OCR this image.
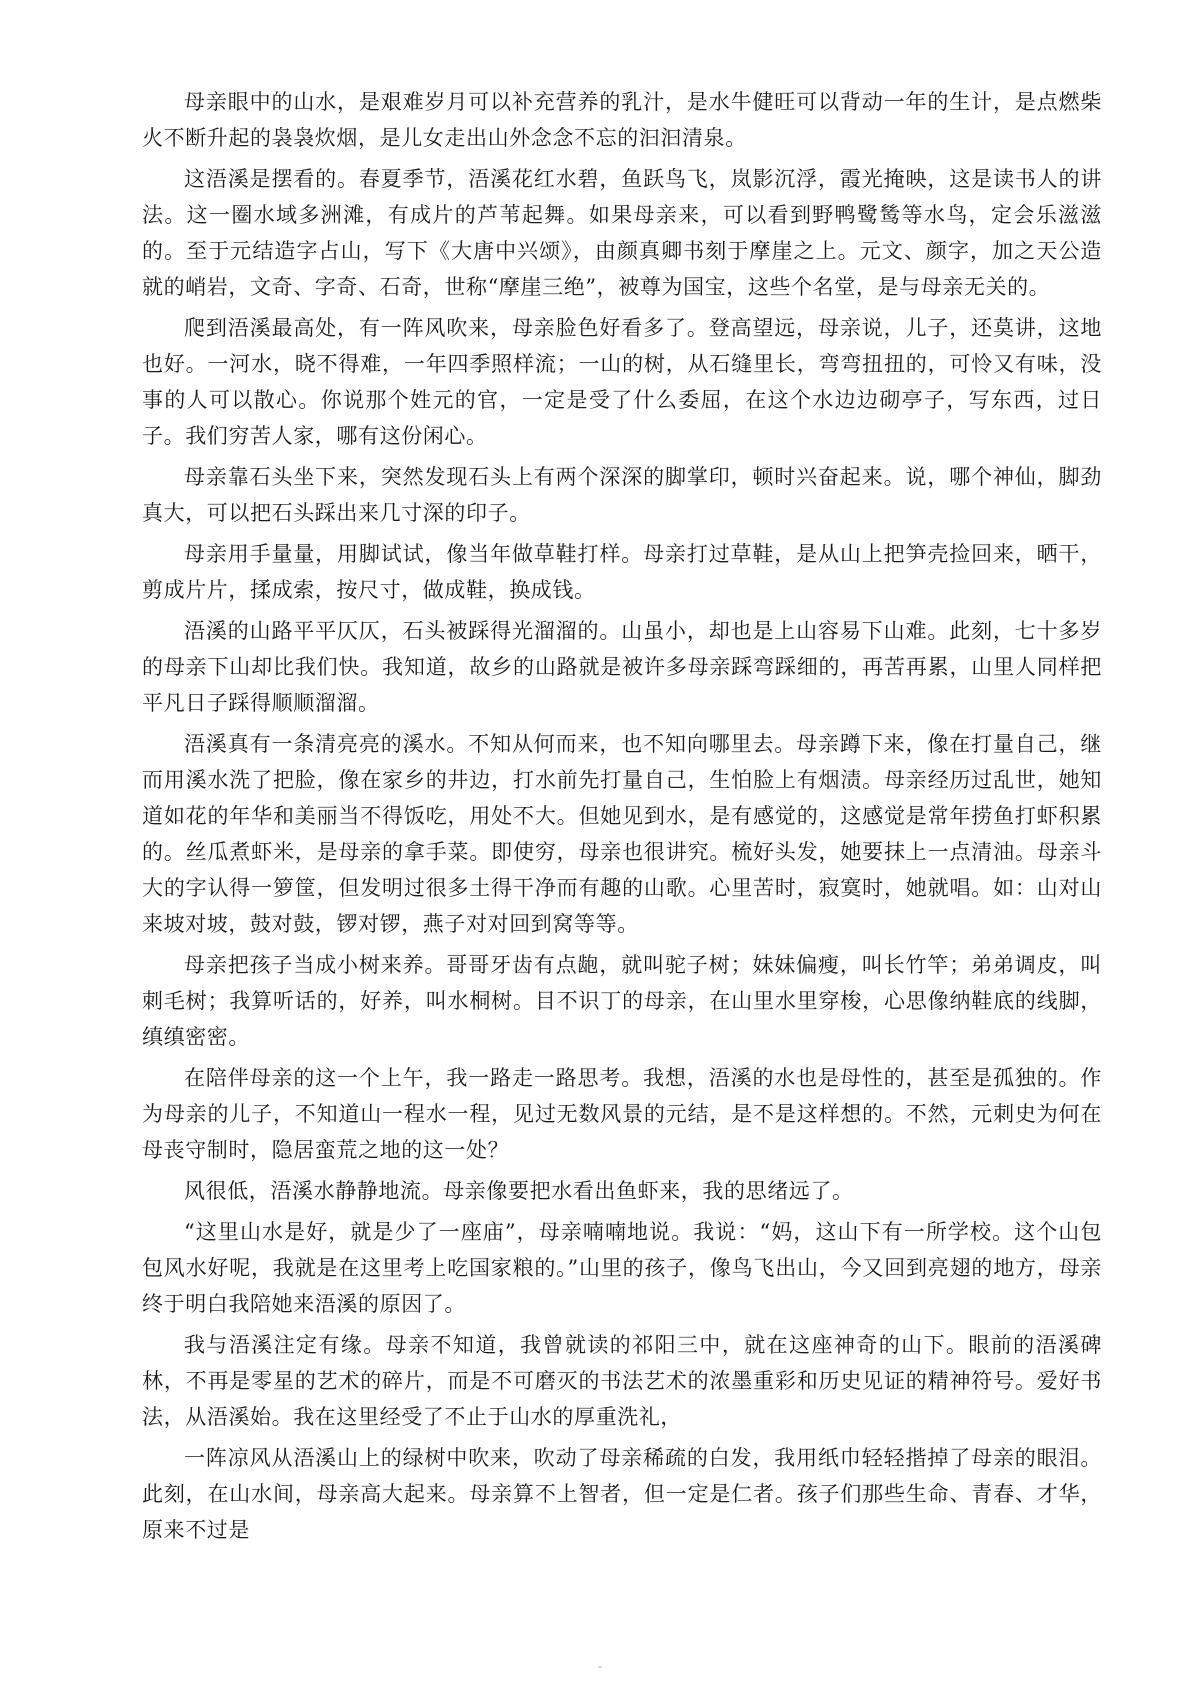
母亲眼中的山水，是艰难岁月可以补充营养的乳汁，是水牛健旺可以背动一年的生计，是点燃柴火不断升起的袅袅炊烟，是儿女走出山外念念不忘的汩汩清泉。

这浯溪是摆看的。春夏季节，浯溪花红水碧，鱼跃鸟飞，岚影沉浮，霞光掩映，这是读书人的讲法。这一圈水域多洲滩，有成片的芦苇起舞。如果母亲来，可以看到野鸭鹭鸶等水鸟，定会乐滋滋的。至于元结造字占山，写下《大唐中兴颂》，由颜真卿书刻于摩崖之上。元文、颜字，加之天公造就的峭岩，文奇、字奇、石奇，世称“摩崖三绝”，被尊为国宝，这些个名堂，是与母亲无关的。

爬到浯溪最高处，有一阵风吹来，母亲脸色好看多了。登高望远，母亲说，儿子，还莫讲，这地也好。一河水，晓不得难，一年四季照样流；一山的树，从石缝里长，弯弯扭扭的，可怜又有味，没事的人可以散心。你说那个姓元的官，一定是受了什么委屈，在这个水边边砌亭子，写东西，过日子。我们穷苦人家，哪有这份闲心。

母亲靠石头坐下来，突然发现石头上有两个深深的脚掌印，顿时兴奋起来。说，哪个神仙，脚劲真大，可以把石头踩出来几寸深的印子。

母亲用手量量，用脚试试，像当年做草鞋打样。母亲打过草鞋，是从山上把笋壳捡回来，晒干，剪成片片，揉成索，按尺寸，做成鞋，换成钱。

浯溪的山路平平仄仄，石头被踩得光溜溜的。山虽小，却也是上山容易下山难。此刻，七十多岁的母亲下山却比我们快。我知道，故乡的山路就是被许多母亲踩弯踩细的，再苦再累，山里人同样把平凡日子踩得顺顺溜溜。

浯溪真有一条清亮亮的溪水。不知从何而来，也不知向哪里去。母亲蹲下来，像在打量自己，继而用溪水洗了把脸，像在家乡的井边，打水前先打量自己，生怕脸上有烟渍。母亲经历过乱世，她知道如花的年华和美丽当不得饭吃，用处不大。但她见到水，是有感觉的，这感觉是常年捞鱼打虾积累的。丝瓜煮虾米，是母亲的拿手菜。即使穷，母亲也很讲究。梳好头发，她要抹上一点清油。母亲斗大的字认得一箩筐，但发明过很多土得干净而有趣的山歌。心里苦时，寂寞时，她就唱。如：山对山来坡对坡，鼓对鼓，锣对锣，燕子对对回到窝等等。

母亲把孩子当成小树来养。哥哥牙齿有点龅，就叫驼子树；妹妹偏瘦，叫长竹竿；弟弟调皮，叫刺毛树；我算听话的，好养，叫水桐树。目不识丁的母亲，在山里水里穿梭，心思像纳鞋底的线脚，缜缜密密。

在陪伴母亲的这一个上午，我一路走一路思考。我想，浯溪的水也是母性的，甚至是孤独的。作为母亲的儿子，不知道山一程水一程，见过无数风景的元结，是不是这样想的。不然，元刺史为何在母丧守制时，隐居蛮荒之地的这一处？

风很低，浯溪水静静地流。母亲像要把水看出鱼虾来，我的思绪远了。

“这里山水是好，就是少了一座庙”，母亲喃喃地说。我说：“妈，这山下有一所学校。这个山包包风水好呢，我就是在这里考上吃国家粮的。”山里的孩子，像鸟飞出山，今又回到亮翅的地方，母亲终于明白我陪她来浯溪的原因了。

我与浯溪注定有缘。母亲不知道，我曾就读的祁阳三中，就在这座神奇的山下。眼前的浯溪碑林，不再是零星的艺术的碎片，而是不可磨灭的书法艺术的浓墨重彩和历史见证的精神符号。爱好书法，从浯溪始。我在这里经受了不止于山水的厚重洗礼，

一阵凉风从浯溪山上的绿树中吹来，吹动了母亲稀疏的白发，我用纸巾轻轻揩掉了母亲的眼泪。此刻，在山水间，母亲高大起来。母亲算不上智者，但一定是仁者。孩子们那些生命、青春、才华，原来不过是
